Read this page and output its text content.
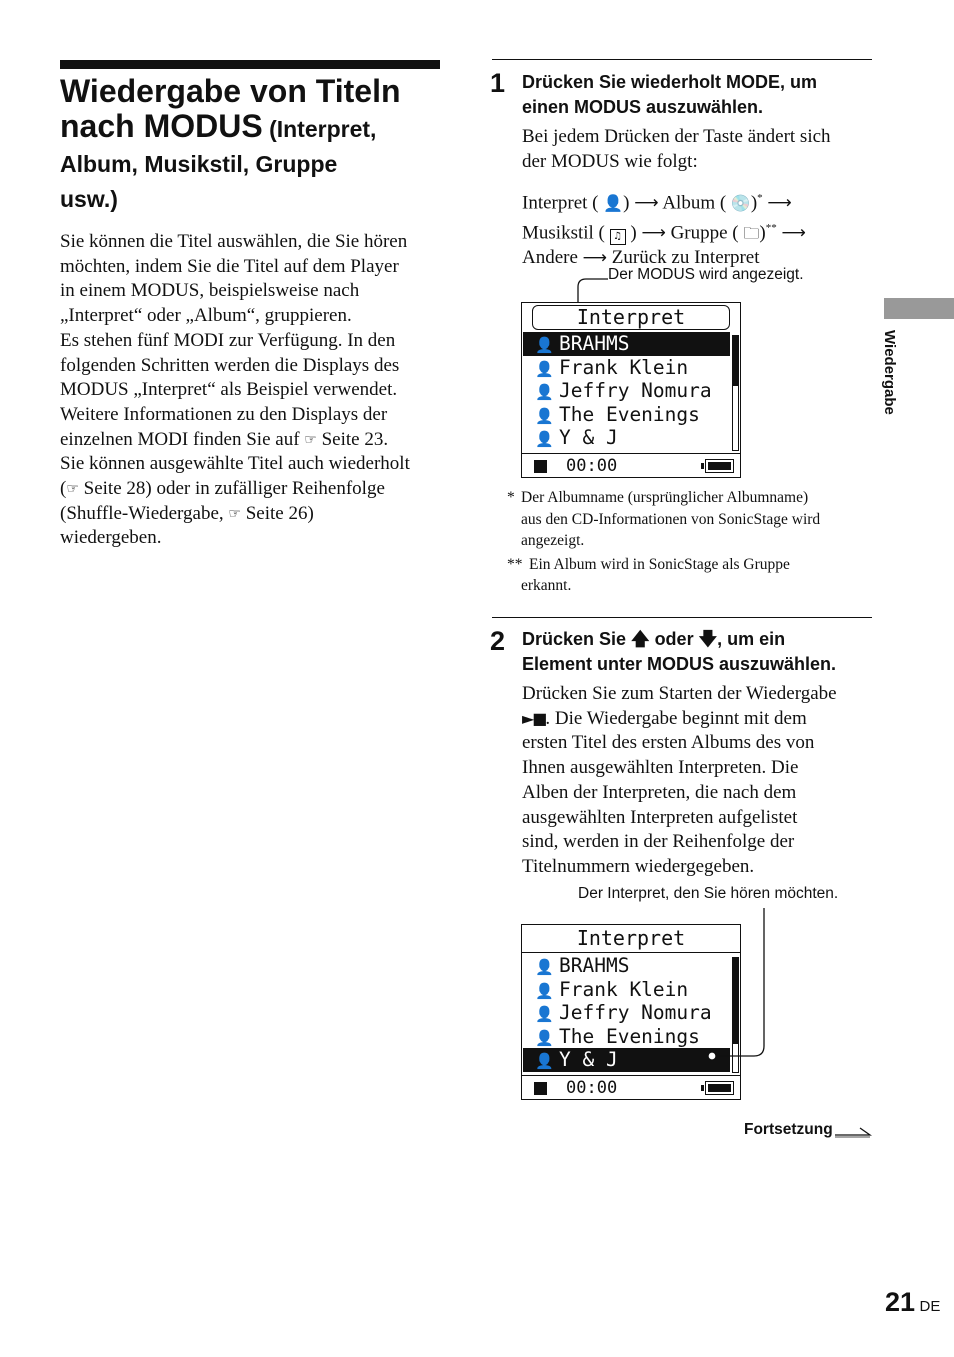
Wiedergabe von Titeln
nach MODUS (Interpret,
Album, Musikstil, Gruppe
usw.)

Sie können die Titel auswählen, die Sie hören

möchten, indem Sie die Titel auf dem Player

in einem MODUS, beispielsweise nach

„Interpret“ oder „Album“, gruppieren.

Es stehen fünf MODI zur Verfügung. In den

folgenden Schritten werden die Displays des

MODUS „Interpret“ als Beispiel verwendet.

Weitere Informationen zu den Displays der

einzelnen MODI finden Sie auf ☞ Seite 23.

Sie können ausgewählte Titel auch wiederholt

(☞ Seite 28) oder in zufälliger Reihenfolge

(Shuffle-Wiedergabe, ☞ Seite 26)

wiedergeben.

1 Drücken Sie wiederholt MODE, um
einen MODUS auszuwählen.
Bei jedem Drücken der Taste ändert sich
der MODUS wie folgt:
Interpret ( 👤) ⟶ Album ( 💿)* ⟶
Musikstil ( ♫ ) ⟶ Gruppe ( 🗀)** ⟶
Andere ⟶ Zurück zu Interpret
Der MODUS wird angezeigt.
Interpret
👤 BRAHMS
👤 Frank Klein
👤 Jeffry Nomura
👤 The Evenings
👤 Y & J
00:00
* Der Albumname (ursprünglicher Albumname)
aus den CD-Informationen von SonicStage wird
angezeigt.
** Ein Album wird in SonicStage als Gruppe
erkannt.
2 Drücken Sie 🡅 oder 🡇, um ein
Element unter MODUS auszuwählen.
Drücken Sie zum Starten der Wiedergabe
►■. Die Wiedergabe beginnt mit dem
ersten Titel des ersten Albums des von
Ihnen ausgewählten Interpreten. Die
Alben der Interpreten, die nach dem
ausgewählten Interpreten aufgelistet
sind, werden in der Reihenfolge der
Titelnummern wiedergegeben.
Der Interpret, den Sie hören möchten.
Interpret
👤 BRAHMS
👤 Frank Klein
👤 Jeffry Nomura
👤 The Evenings
👤 Y & J
00:00
Fortsetzung
Wiedergabe
21 DE
